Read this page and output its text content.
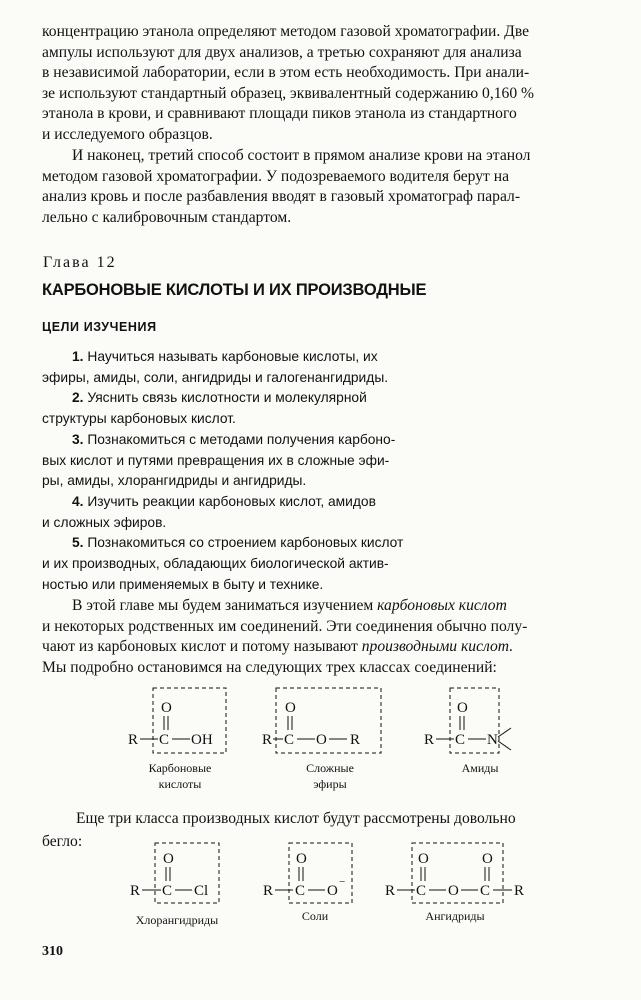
концентрацию этанола определяют методом газовой хроматографии. Две
ампулы используют для двух анализов, а третью сохраняют для анализа
в независимой лаборатории, если в этом есть необходимость. При анали-
зе используют стандартный образец, эквивалентный содержанию 0,160 %
этанола в крови, и сравнивают площади пиков этанола из стандартного
и исследуемого образцов.

И наконец, третий способ состоит в прямом анализе крови на этанол
методом газовой хроматографии. У подозреваемого водителя берут на
анализ кровь и после разбавления вводят в газовый хроматограф парал-
лельно с калибровочным стандартом.

Глава 12

КАРБОНОВЫЕ КИСЛОТЫ И ИХ ПРОИЗВОДНЫЕ
ЦЕЛИ ИЗУЧЕНИЯ
1. Научиться называть карбоновые кислоты, их
эфиры, амиды, соли, ангидриды и галогенангидриды.
2. Уяснить связь кислотности и молекулярной
структуры карбоновых кислот.
3. Познакомиться с методами получения карбоно-
вых кислот и путями превращения их в сложные эфи-
ры, амиды, хлорангидриды и ангидриды.
4. Изучить реакции карбоновых кислот, амидов
и сложных эфиров.
5. Познакомиться со строением карбоновых кислот
и их производных, обладающих биологической актив-
ностью или применяемых в быту и технике.

В этой главе мы будем заниматься изучением карбоновых кислот
и некоторых родственных им соединений. Эти соединения обычно полу-
чают из карбоновых кислот и потому называют производными кислот.
Мы подробно остановимся на следующих трех классах соединений:

O
R C OH
O
R C O R
O
R C N
O
R C Cl
O
R C O
−
O	O
R C O C R
Карбоновые
кислоты
Сложные
эфиры
Амиды

Еще три класса производных кислот будут рассмотрены довольно

бегло:

Хлорангидриды	Соли	Ангидриды

310
